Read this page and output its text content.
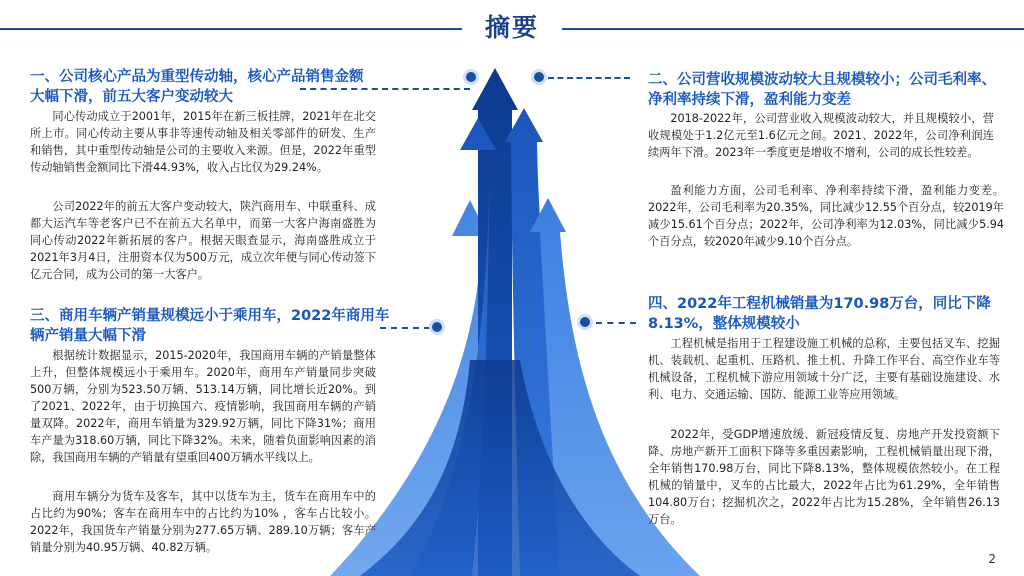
摘要
一、公司核心产品为重型传动轴，核心产品销售金额
大幅下滑，前五大客户变动较大

同心传动成立于2001年，2015年在新三板挂牌，2021年在北交所上市。同心传动主要从事非等速传动轴及相关零部件的研发、生产和销售，其中重型传动轴是公司的主要收入来源。但是，2022年重型传动轴销售金额同比下滑44.93%，收入占比仅为29.24%。

公司2022年的前五大客户变动较大，陕汽商用车、中联重科、成都大运汽车等老客户已不在前五大名单中，而第一大客户海南盛胜为同心传动2022年新拓展的客户。根据天眼查显示，海南盛胜成立于2021年3月4日，注册资本仅为500万元，成立次年便与同心传动签下亿元合同，成为公司的第一大客户。

二、公司营收规模波动较大且规模较小；公司毛利率、
净利率持续下滑，盈利能力变差

2018-2022年，公司营业收入规模波动较大，并且规模较小，营收规模处于1.2亿元至1.6亿元之间。2021、2022年，公司净利润连续两年下滑。2023年一季度更是增收不增利，公司的成长性较差。

盈利能力方面，公司毛利率、净利率持续下滑，盈利能力变差。2022年，公司毛利率为20.35%，同比减少12.55个百分点，较2019年减少15.61个百分点；2022年，公司净利率为12.03%，同比减少5.94个百分点，较2020年减少9.10个百分点。

三、商用车辆产销量规模远小于乘用车，2022年商用车
辆产销量大幅下滑

根据统计数据显示，2015-2020年，我国商用车辆的产销量整体上升，但整体规模远小于乘用车。2020年，商用车产销量同步突破500万辆，分别为523.50万辆、513.14万辆，同比增长近20%。到了2021、2022年，由于切换国六、疫情影响，我国商用车辆的产销量双降。2022年，商用车销量为329.92万辆，同比下降31%；商用车产量为318.60万辆，同比下降32%。未来，随着负面影响因素的消除，我国商用车辆的产销量有望重回400万辆水平线以上。

商用车辆分为货车及客车，其中以货车为主，货车在商用车中的占比约为90%；客车在商用车中的占比约为10% ，客车占比较小。2022年，我国货车产销量分别为277.65万辆、289.10万辆；客车产销量分别为40.95万辆、40.82万辆。

四、2022年工程机械销量为170.98万台，同比下降
8.13%，整体规模较小

工程机械是指用于工程建设施工机械的总称，主要包括叉车、挖掘机、装载机、起重机、压路机、推土机、升降工作平台、高空作业车等机械设备，工程机械下游应用领域十分广泛，主要有基础设施建设、水利、电力、交通运输、国防、能源工业等应用领域。

2022年，受GDP增速放缓、新冠疫情反复、房地产开发投资额下降、房地产新开工面积下降等多重因素影响，工程机械销量出现下滑，全年销售170.98万台，同比下降8.13%，整体规模依然较小。在工程机械的销量中，叉车的占比最大，2022年占比为61.29%，全年销售104.80万台；挖掘机次之，2022年占比为15.28%，全年销售26.13万台。

2
